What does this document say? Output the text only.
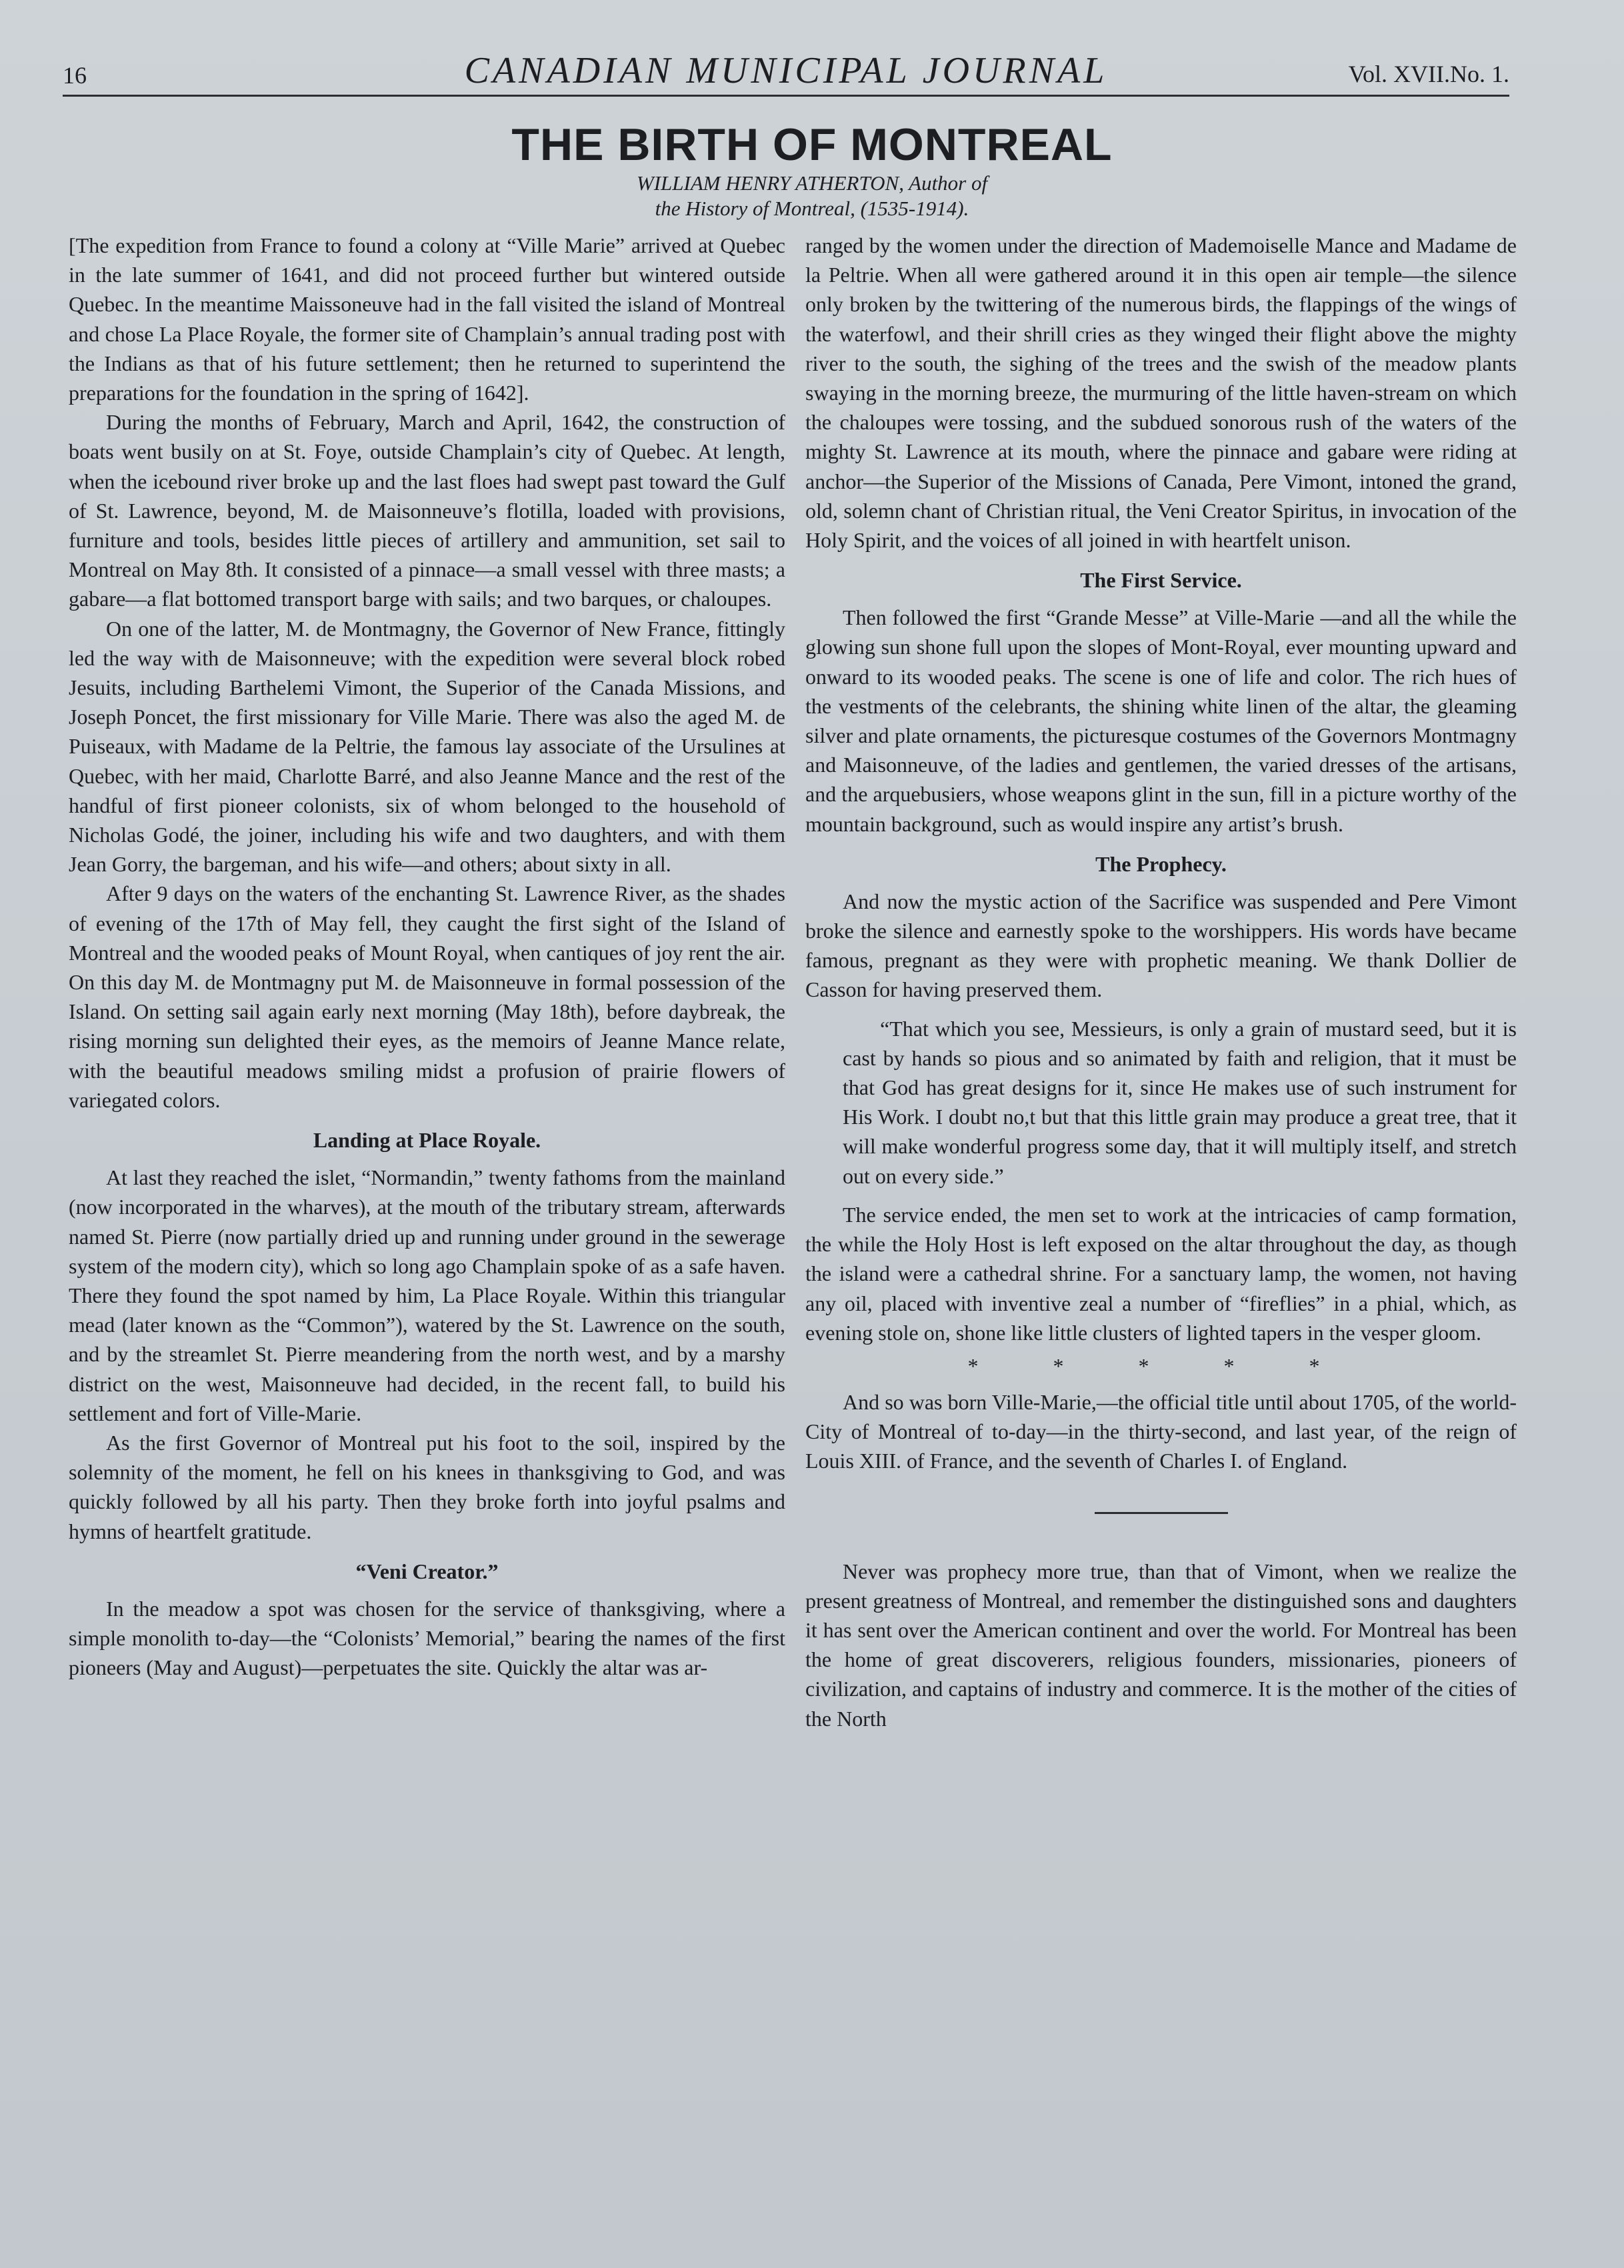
16	CANADIAN MUNICIPAL JOURNAL	Vol. XVII.No. 1.
THE BIRTH OF MONTREAL
WILLIAM HENRY ATHERTON, Author of
the History of Montreal, (1535-1914).

[The expedition from France to found a colony at “Ville Marie” arrived at Quebec in the late summer of 1641, and did not proceed further but wintered outside Quebec. In the meantime Maissoneuve had in the fall visited the island of Montreal and chose La Place Royale, the former site of Champlain’s annual trading post with the Indians as that of his future settlement; then he returned to superintend the preparations for the foundation in the spring of 1642].

During the months of February, March and April, 1642, the construction of boats went busily on at St. Foye, outside Champlain’s city of Quebec. At length, when the icebound river broke up and the last floes had swept past toward the Gulf of St. Lawrence, beyond, M. de Maisonneuve’s flotilla, loaded with provisions, furniture and tools, besides little pieces of artillery and ammunition, set sail to Montreal on May 8th. It consisted of a pinnace—a small vessel with three masts; a gabare—a flat bottomed transport barge with sails; and two barques, or chaloupes.

On one of the latter, M. de Montmagny, the Governor of New France, fittingly led the way with de Maisonneuve; with the expedition were several block robed Jesuits, including Barthelemi Vimont, the Superior of the Canada Missions, and Joseph Poncet, the first missionary for Ville Marie. There was also the aged M. de Puiseaux, with Madame de la Peltrie, the famous lay associate of the Ursulines at Quebec, with her maid, Charlotte Barré, and also Jeanne Mance and the rest of the handful of first pioneer colonists, six of whom belonged to the household of Nicholas Godé, the joiner, including his wife and two daughters, and with them Jean Gorry, the bargeman, and his wife—and others; about sixty in all.

After 9 days on the waters of the enchanting St. Lawrence River, as the shades of evening of the 17th of May fell, they caught the first sight of the Island of Montreal and the wooded peaks of Mount Royal, when cantiques of joy rent the air. On this day M. de Montmagny put M. de Maisonneuve in formal possession of the Island. On setting sail again early next morning (May 18th), before daybreak, the rising morning sun delighted their eyes, as the memoirs of Jeanne Mance relate, with the beautiful meadows smiling midst a profusion of prairie flowers of variegated colors.

Landing at Place Royale.

At last they reached the islet, “Normandin,” twenty fathoms from the mainland (now incorporated in the wharves), at the mouth of the tributary stream, afterwards named St. Pierre (now partially dried up and running under ground in the sewerage system of the modern city), which so long ago Champlain spoke of as a safe haven. There they found the spot named by him, La Place Royale. Within this triangular mead (later known as the “Common”), watered by the St. Lawrence on the south, and by the streamlet St. Pierre meandering from the north west, and by a marshy district on the west, Maisonneuve had decided, in the recent fall, to build his settlement and fort of Ville-Marie.

As the first Governor of Montreal put his foot to the soil, inspired by the solemnity of the moment, he fell on his knees in thanksgiving to God, and was quickly followed by all his party. Then they broke forth into joyful psalms and hymns of heartfelt gratitude.

“Veni Creator.”

In the meadow a spot was chosen for the service of thanksgiving, where a simple monolith to-day—the “Colonists’ Memorial,” bearing the names of the first pioneers (May and August)—perpetuates the site. Quickly the altar was ar-

ranged by the women under the direction of Mademoiselle Mance and Madame de la Peltrie. When all were gathered around it in this open air temple—the silence only broken by the twittering of the numerous birds, the flappings of the wings of the waterfowl, and their shrill cries as they winged their flight above the mighty river to the south, the sighing of the trees and the swish of the meadow plants swaying in the morning breeze, the murmuring of the little haven-stream on which the chaloupes were tossing, and the subdued sonorous rush of the waters of the mighty St. Lawrence at its mouth, where the pinnace and gabare were riding at anchor—the Superior of the Missions of Canada, Pere Vimont, intoned the grand, old, solemn chant of Christian ritual, the Veni Creator Spiritus, in invocation of the Holy Spirit, and the voices of all joined in with heartfelt unison.

The First Service.

Then followed the first “Grande Messe” at Ville-Marie —and all the while the glowing sun shone full upon the slopes of Mont-Royal, ever mounting upward and onward to its wooded peaks. The scene is one of life and color. The rich hues of the vestments of the celebrants, the shining white linen of the altar, the gleaming silver and plate ornaments, the picturesque costumes of the Governors Montmagny and Maisonneuve, of the ladies and gentlemen, the varied dresses of the artisans, and the arquebusiers, whose weapons glint in the sun, fill in a picture worthy of the mountain background, such as would inspire any artist’s brush.

The Prophecy.

And now the mystic action of the Sacrifice was suspended and Pere Vimont broke the silence and earnestly spoke to the worshippers. His words have became famous, pregnant as they were with prophetic meaning. We thank Dollier de Casson for having preserved them.

“That which you see, Messieurs, is only a grain of mustard seed, but it is cast by hands so pious and so animated by faith and religion, that it must be that God has great designs for it, since He makes use of such instrument for His Work. I doubt no,t but that this little grain may produce a great tree, that it will make wonderful progress some day, that it will multiply itself, and stretch out on every side.”

The service ended, the men set to work at the intricacies of camp formation, the while the Holy Host is left exposed on the altar throughout the day, as though the island were a cathedral shrine. For a sanctuary lamp, the women, not having any oil, placed with inventive zeal a number of “fireflies” in a phial, which, as evening stole on, shone like little clusters of lighted tapers in the vesper gloom.

* * * * *

And so was born Ville-Marie,—the official title until about 1705, of the world-City of Montreal of to-day—in the thirty-second, and last year, of the reign of Louis XIII. of France, and the seventh of Charles I. of England.

Never was prophecy more true, than that of Vimont, when we realize the present greatness of Montreal, and remember the distinguished sons and daughters it has sent over the American continent and over the world. For Montreal has been the home of great discoverers, religious founders, missionaries, pioneers of civilization, and captains of industry and commerce. It is the mother of the cities of the North
